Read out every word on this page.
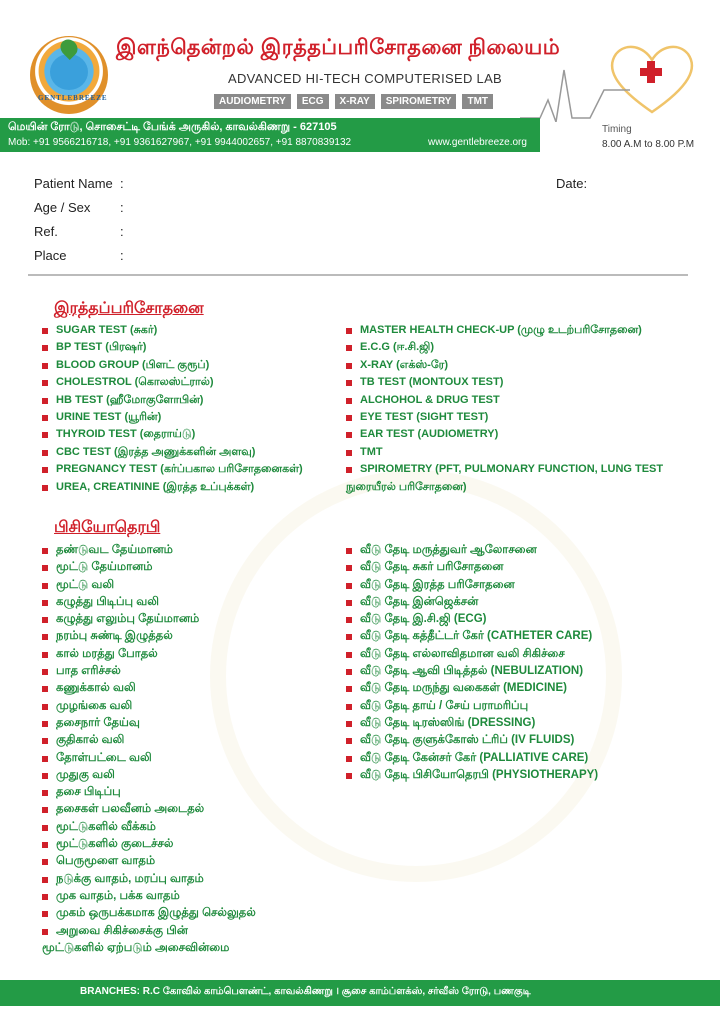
GENTLEBREEZE
இளந்தென்றல் இரத்தப்பரிசோதனை நிலையம்
ADVANCED HI-TECH COMPUTERISED LAB
AUDIOMETRY	ECG	X-RAY	SPIROMETRY	TMT
மெயின் ரோடு, சொசைட்டி பேங்க் அருகில், காவல்கிணறு - 627105
Mob: +91 9566216718, +91 9361627967, +91 9944002657, +91 8870839132	www.gentlebreeze.org
Timing
8.00 A.M to 8.00 P.M
Patient Name :	Date:
Age / Sex :
Ref.	:
Place	:
இரத்தப்பரிசோதனை
SUGAR TEST (சுகர்)
BP TEST (பிரஷர்)
BLOOD GROUP (பிளட் குரூப்)
CHOLESTROL (கொலஸ்ட்ரால்)
HB TEST (ஹீமோகுளோபின்)
URINE TEST (யூரின்)
THYROID TEST (தைராய்டு)
CBC TEST (இரத்த அணுக்களின் அளவு)
PREGNANCY TEST (கர்ப்பகால பரிசோதனைகள்)
UREA, CREATININE (இரத்த உப்புக்கள்)
MASTER HEALTH CHECK-UP (முழு உடற்பரிசோதனை)
E.C.G (ஈ.சி.ஜி)
X-RAY (எக்ஸ்-ரே)
TB TEST (MONTOUX TEST)
ALCHOHOL & DRUG TEST
EYE TEST (SIGHT TEST)
EAR TEST (AUDIOMETRY)
TMT
SPIROMETRY (PFT, PULMONARY FUNCTION, LUNG TEST
நுரையீரல் பரிசோதனை)
பிசியோதெரபி
தண்டுவட தேய்மானம்
மூட்டு தேய்மானம்
மூட்டு வலி
கழுத்து பிடிப்பு வலி
கழுத்து எலும்பு தேய்மானம்
நரம்பு சுண்டி இழுத்தல்
கால் மரத்து போதல்
பாத எரிச்சல்
கணுக்கால் வலி
முழங்கை வலி
தசைநார் தேய்வு
குதிகால் வலி
தோள்பட்டை வலி
முதுகு வலி
தசை பிடிப்பு
தசைகள் பலவீனம் அடைதல்
மூட்டுகளில் வீக்கம்
மூட்டுகளில் குடைச்சல்
பெருமூளை வாதம்
நடுக்கு வாதம், மரப்பு வாதம்
முக வாதம், பக்க வாதம்
முகம் ஒருபக்கமாக இழுத்து செல்லுதல்
அறுவை சிகிச்சைக்கு பின்
மூட்டுகளில் ஏற்படும் அசைவின்மை
வீடு தேடி மருத்துவர் ஆலோசனை
வீடு தேடி சுகர் பரிசோதனை
வீடு தேடி இரத்த பரிசோதனை
வீடு தேடி இன்ஜெக்சன்
வீடு தேடி இ.சி.ஜி (ECG)
வீடு தேடி கத்தீட்டர் கேர் (CATHETER CARE)
வீடு தேடி எல்லாவிதமான வலி சிகிச்சை
வீடு தேடி ஆவி பிடித்தல் (NEBULIZATION)
வீடு தேடி மருந்து வகைகள் (MEDICINE)
வீடு தேடி தாய் / சேய் பராமரிப்பு
வீடு தேடி டிரஸ்ஸிங் (DRESSING)
வீடு தேடி குளுக்கோஸ் ட்ரிப் (IV FLUIDS)
வீடு தேடி கேன்சர் கேர் (PALLIATIVE CARE)
வீடு தேடி பிசியோதெரபி (PHYSIOTHERAPY)
BRANCHES: R.C கோவில் காம்பௌண்ட், காவல்கிணறு । சூசை காம்ப்ளக்ஸ், சர்வீஸ் ரோடு, பணகுடி
